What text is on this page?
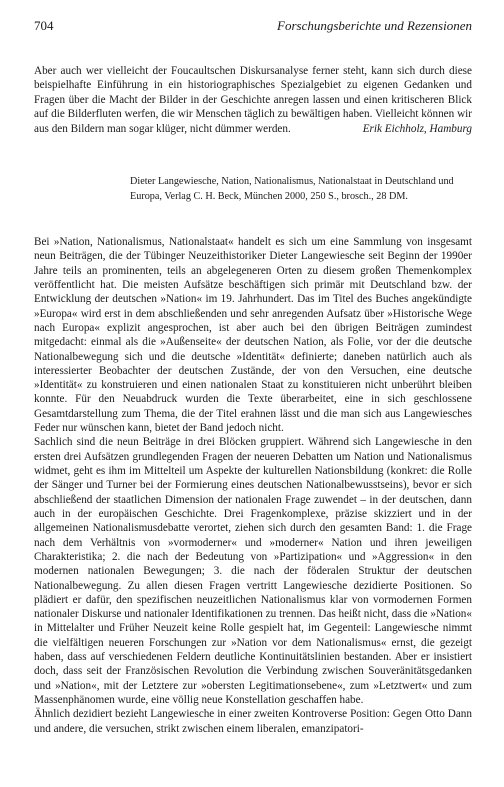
704	Forschungsberichte und Rezensionen
Aber auch wer vielleicht der Foucaultschen Diskursanalyse ferner steht, kann sich durch diese beispielhafte Einführung in ein historiographisches Spezialgebiet zu eigenen Gedanken und Fragen über die Macht der Bilder in der Geschichte anregen lassen und einen kritischeren Blick auf die Bilderfluten werfen, die wir Menschen täglich zu bewältigen haben. Vielleicht können wir aus den Bildern man sogar klüger, nicht dümmer werden.	Erik Eichholz, Hamburg
Dieter Langewiesche, Nation, Nationalismus, Nationalstaat in Deutschland und Europa, Verlag C. H. Beck, München 2000, 250 S., brosch., 28 DM.

Bei »Nation, Nationalismus, Nationalstaat« handelt es sich um eine Sammlung von insgesamt neun Beiträgen, die der Tübinger Neuzeithistoriker Dieter Langewiesche seit Beginn der 1990er Jahre teils an prominenten, teils an abgelegeneren Orten zu diesem großen Themenkomplex veröffentlicht hat. Die meisten Aufsätze beschäftigen sich primär mit Deutschland bzw. der Entwicklung der deutschen »Nation« im 19. Jahrhundert. Das im Titel des Buches angekündigte »Europa« wird erst in dem abschließenden und sehr anregenden Aufsatz über »Historische Wege nach Europa« explizit angesprochen, ist aber auch bei den übrigen Beiträgen zumindest mitgedacht: einmal als die »Außenseite« der deutschen Nation, als Folie, vor der die deutsche Nationalbewegung sich und die deutsche »Identität« definierte; daneben natürlich auch als interessierter Beobachter der deutschen Zustände, der von den Versuchen, eine deutsche »Identität« zu konstruieren und einen nationalen Staat zu konstituieren nicht unberührt bleiben konnte. Für den Neuabdruck wurden die Texte überarbeitet, eine in sich geschlossene Gesamtdarstellung zum Thema, die der Titel erahnen lässt und die man sich aus Langewiesches Feder nur wünschen kann, bietet der Band jedoch nicht.

Sachlich sind die neun Beiträge in drei Blöcken gruppiert. Während sich Langewiesche in den ersten drei Aufsätzen grundlegenden Fragen der neueren Debatten um Nation und Nationalismus widmet, geht es ihm im Mittelteil um Aspekte der kulturellen Nationsbildung (konkret: die Rolle der Sänger und Turner bei der Formierung eines deutschen Nationalbewusstseins), bevor er sich abschließend der staatlichen Dimension der nationalen Frage zuwendet – in der deutschen, dann auch in der europäischen Geschichte. Drei Fragenkomplexe, präzise skizziert und in der allgemeinen Nationalismusdebatte verortet, ziehen sich durch den gesamten Band: 1. die Frage nach dem Verhältnis von »vormoderner« und »moderner« Nation und ihren jeweiligen Charakteristika; 2. die nach der Bedeutung von »Partizipation« und »Aggression« in den modernen nationalen Bewegungen; 3. die nach der föderalen Struktur der deutschen Nationalbewegung. Zu allen diesen Fragen vertritt Langewiesche dezidierte Positionen. So plädiert er dafür, den spezifischen neuzeitlichen Nationalismus klar von vormodernen Formen nationaler Diskurse und nationaler Identifikationen zu trennen. Das heißt nicht, dass die »Nation« in Mittelalter und Früher Neuzeit keine Rolle gespielt hat, im Gegenteil: Langewiesche nimmt die vielfältigen neueren Forschungen zur »Nation vor dem Nationalismus« ernst, die gezeigt haben, dass auf verschiedenen Feldern deutliche Kontinuitätslinien bestanden. Aber er insistiert doch, dass seit der Französischen Revolution die Verbindung zwischen Souveränitätsgedanken und »Nation«, mit der Letztere zur »obersten Legitimationsebene«, zum »Letztwert« und zum Massenphänomen wurde, eine völlig neue Konstellation geschaffen habe.

Ähnlich dezidiert bezieht Langewiesche in einer zweiten Kontroverse Position: Gegen Otto Dann und andere, die versuchen, strikt zwischen einem liberalen, emanzipatori-
